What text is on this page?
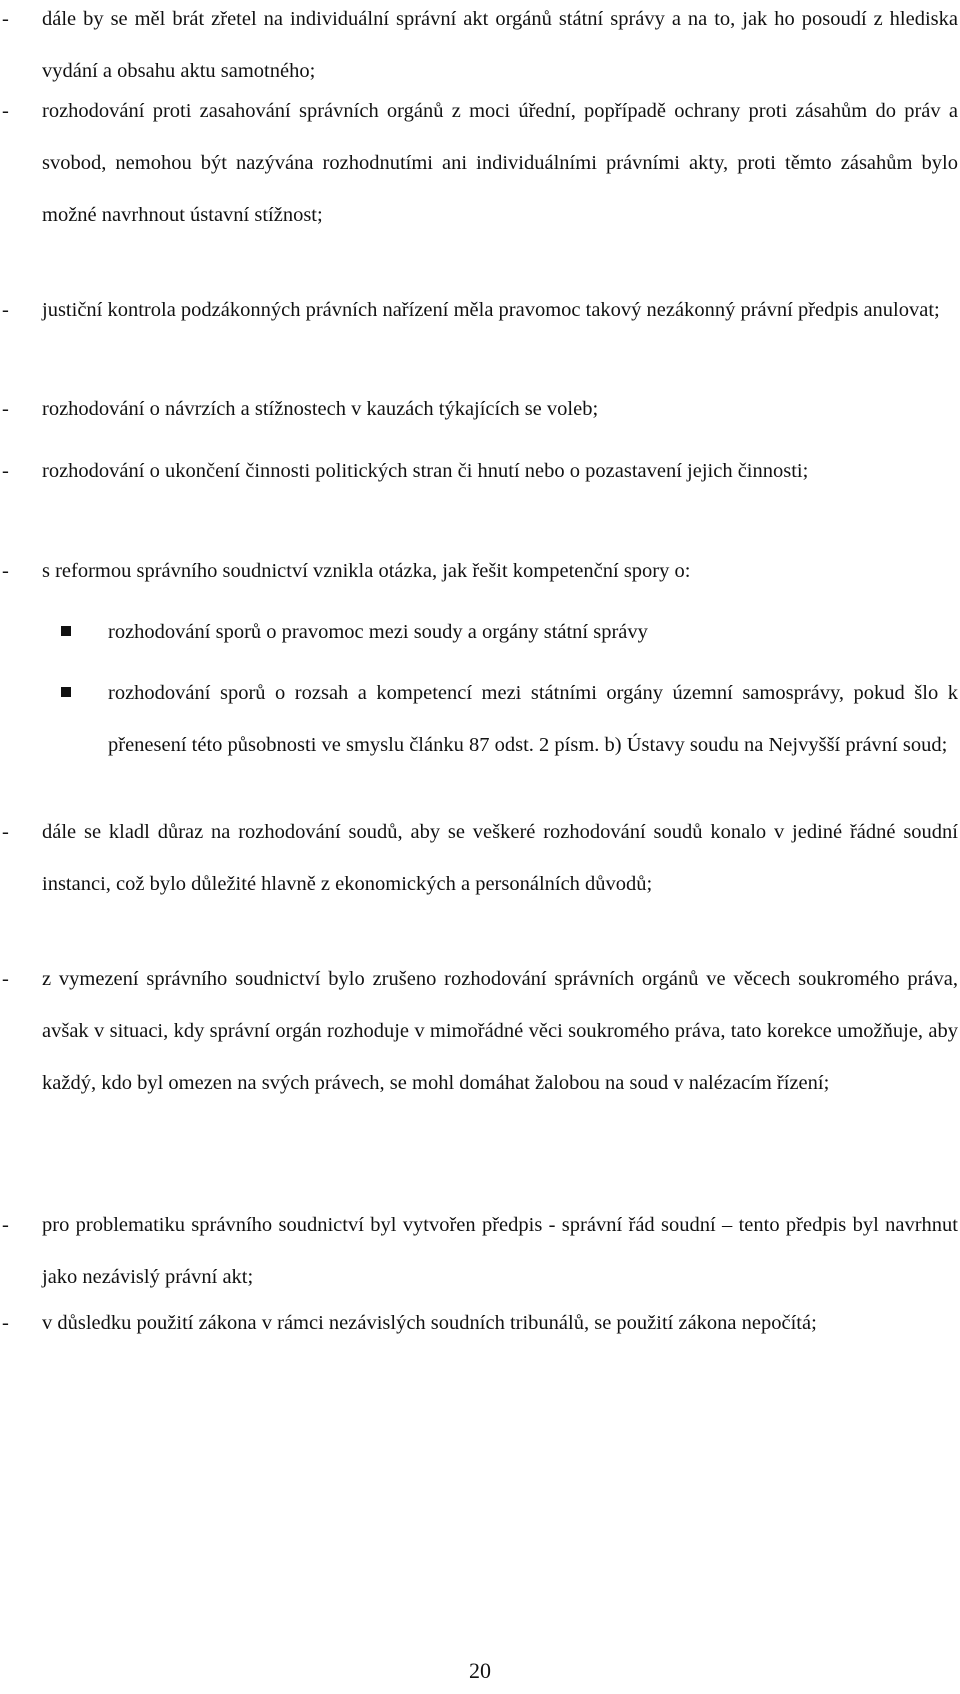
- dále by se měl brát zřetel na individuální správní akt orgánů státní správy a na to, jak ho posoudí z hlediska vydání a obsahu aktu samotného;
- rozhodování proti zasahování správních orgánů z moci úřední, popřípadě ochrany proti zásahům do práv a svobod, nemohou být nazývána rozhodnutími ani individuálními právními akty, proti těmto zásahům bylo možné navrhnout ústavní stížnost;
- justiční kontrola podzákonných právních nařízení měla pravomoc takový nezákonný právní předpis anulovat;
- rozhodování o návrzích a stížnostech v kauzách týkajících se voleb;
- rozhodování o ukončení činnosti politických stran či hnutí nebo o pozastavení jejich činnosti;
- s reformou správního soudnictví vznikla otázka, jak řešit kompetenční spory o:
rozhodování sporů o pravomoc mezi soudy a orgány státní správy
rozhodování sporů o rozsah a kompetencí mezi státními orgány územní samosprávy, pokud šlo k přenesení této působnosti ve smyslu článku 87 odst. 2 písm. b) Ústavy soudu na Nejvyšší právní soud;
- dále se kladl důraz na rozhodování soudů, aby se veškeré rozhodování soudů konalo v jediné řádné soudní instanci, což bylo důležité hlavně z ekonomických a personálních důvodů;
- z vymezení správního soudnictví bylo zrušeno rozhodování správních orgánů ve věcech soukromého práva, avšak v situaci, kdy správní orgán rozhoduje v mimořádné věci soukromého práva, tato korekce umožňuje, aby každý, kdo byl omezen na svých právech, se mohl domáhat žalobou na soud v nalézacím řízení;
- pro problematiku správního soudnictví byl vytvořen předpis - správní řád soudní – tento předpis byl navrhnut jako nezávislý právní akt;
- v důsledku použití zákona v rámci nezávislých soudních tribunálů, se použití zákona nepočítá;
20
